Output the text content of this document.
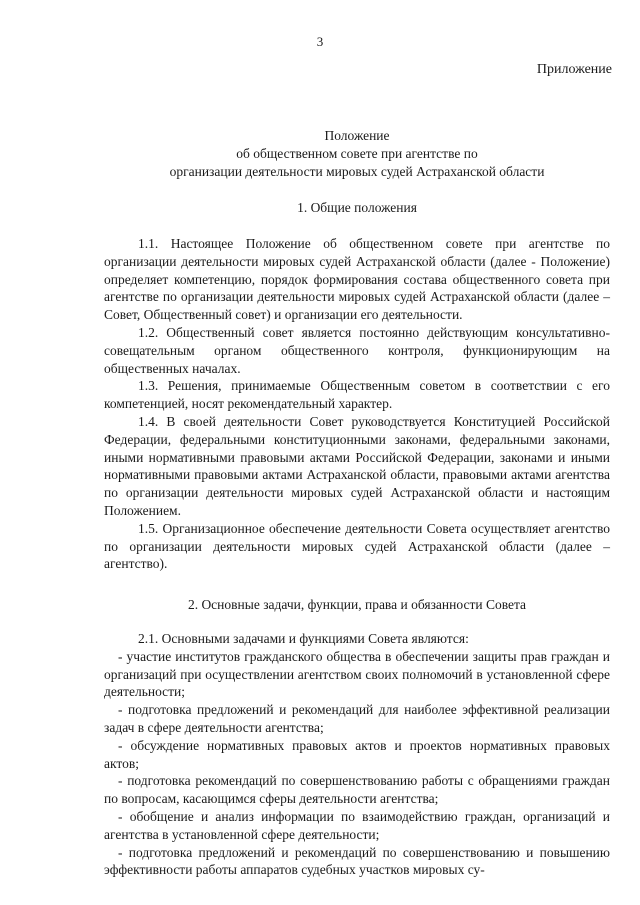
3
Приложение
Положение
об общественном совете при агентстве по
организации деятельности мировых судей Астраханской области
1. Общие положения

1.1. Настоящее Положение об общественном совете при агентстве по организации деятельности мировых судей Астраханской области (далее - Положение) определяет компетенцию, порядок формирования состава общественного совета при агентстве по организации деятельности мировых судей Астраханской области (далее – Совет, Общественный совет) и организации его деятельности.

1.2. Общественный совет является постоянно действующим консультативно-совещательным органом общественного контроля, функционирующим на общественных началах.

1.3. Решения, принимаемые Общественным советом в соответствии с его компетенцией, носят рекомендательный характер.

1.4. В своей деятельности Совет руководствуется Конституцией Российской Федерации, федеральными конституционными законами, федеральными законами, иными нормативными правовыми актами Российской Федерации, законами и иными нормативными правовыми актами Астраханской области, правовыми актами агентства по организации деятельности мировых судей Астраханской области и настоящим Положением.

1.5. Организационное обеспечение деятельности Совета осуществляет агентство по организации деятельности мировых судей Астраханской области (далее – агентство).

2. Основные задачи, функции, права и обязанности Совета

2.1. Основными задачами и функциями Совета являются:

- участие институтов гражданского общества в обеспечении защиты прав граждан и организаций при осуществлении агентством своих полномочий в установленной сфере деятельности;

- подготовка предложений и рекомендаций для наиболее эффективной реализации задач в сфере деятельности агентства;

- обсуждение нормативных правовых актов и проектов нормативных правовых актов;

- подготовка рекомендаций по совершенствованию работы с обращениями граждан по вопросам, касающимся сферы деятельности агентства;

- обобщение и анализ информации по взаимодействию граждан, организаций и агентства в установленной сфере деятельности;

- подготовка предложений и рекомендаций по совершенствованию и повышению эффективности работы аппаратов судебных участков мировых су-
